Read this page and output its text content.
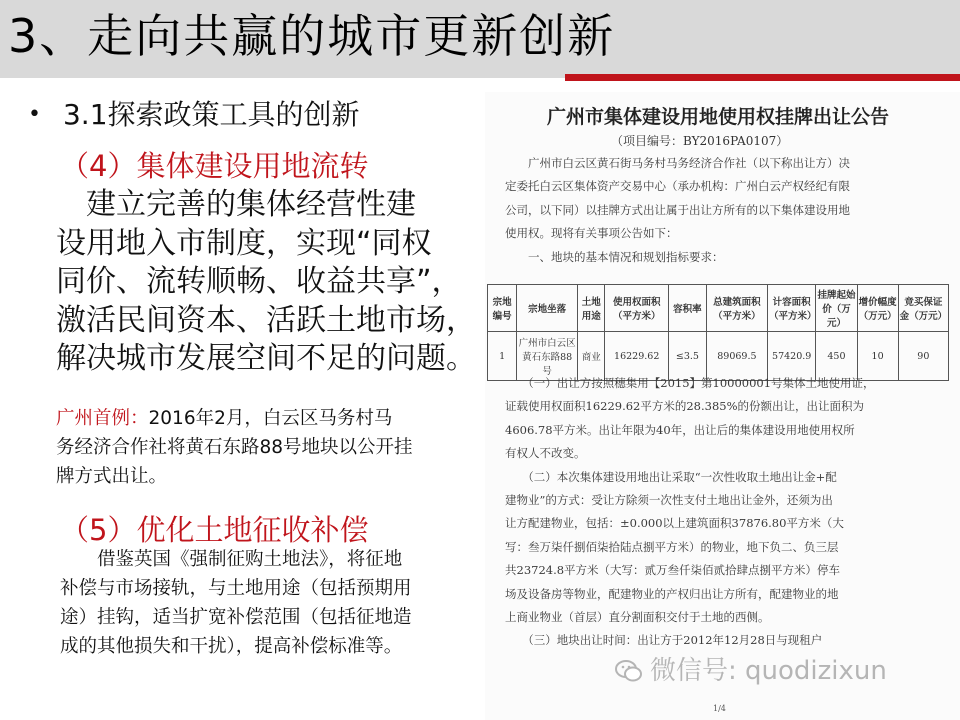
3、走向共赢的城市更新创新
• 3.1探索政策工具的创新
（4）集体建设用地流转
　建立完善的集体经营性建
设用地入市制度，实现“同权
同价、流转顺畅、收益共享”，
激活民间资本、活跃土地市场，
解决城市发展空间不足的问题。
广州首例：2016年2月，白云区马务村马
务经济合作社将黄石东路88号地块以公开挂
牌方式出让。
（5）优化土地征收补偿
　　借鉴英国《强制征购土地法》，将征地
补偿与市场接轨，与土地用途（包括预期用
途）挂钩，适当扩宽补偿范围（包括征地造
成的其他损失和干扰），提高补偿标准等。
广州市集体建设用地使用权挂牌出让公告
（项目编号：BY2016PA0107）
　　广州市白云区黄石街马务村马务经济合作社（以下称出让方）决
定委托白云区集体资产交易中心（承办机构：广州白云产权经纪有限
公司，以下同）以挂牌方式出让属于出让方所有的以下集体建设用地
使用权。现将有关事项公告如下：
　　一、地块的基本情况和规划指标要求：
宗地编号	宗地坐落	土地用途	使用权面积（平方米）	容积率	总建筑面积（平方米）	计容面积（平方米）	挂牌起始价（万元）	增价幅度（万元）	竞买保证金（万元）
1	广州市白云区黄石东路88号	商业	16229.62	≤3.5	89069.5	57420.9	450	10	90
　　（一）出让方按照穗集用【2015】第10000001号集体土地使用证，
证载使用权面积16229.62平方米的28.385%的份额出让，出让面积为
4606.78平方米。出让年限为40年，出让后的集体建设用地使用权所
有权人不改变。
　　（二）本次集体建设用地出让采取“一次性收取土地出让金+配
建物业”的方式：受让方除须一次性支付土地出让金外，还须为出
让方配建物业，包括：±0.000以上建筑面积37876.80平方米（大
写：叁万柒仟捌佰柒拾陆点捌平方米）的物业，地下负二、负三层
共23724.8平方米（大写：贰万叁仟柒佰贰拾肆点捌平方米）停车
场及设备房等物业，配建物业的产权归出让方所有，配建物业的地
上商业物业（首层）直分割面积交付于土地的西侧。
　　（三）地块出让时间：出让方于2012年12月28日与现租户
1/4
微信号: quodizixun
